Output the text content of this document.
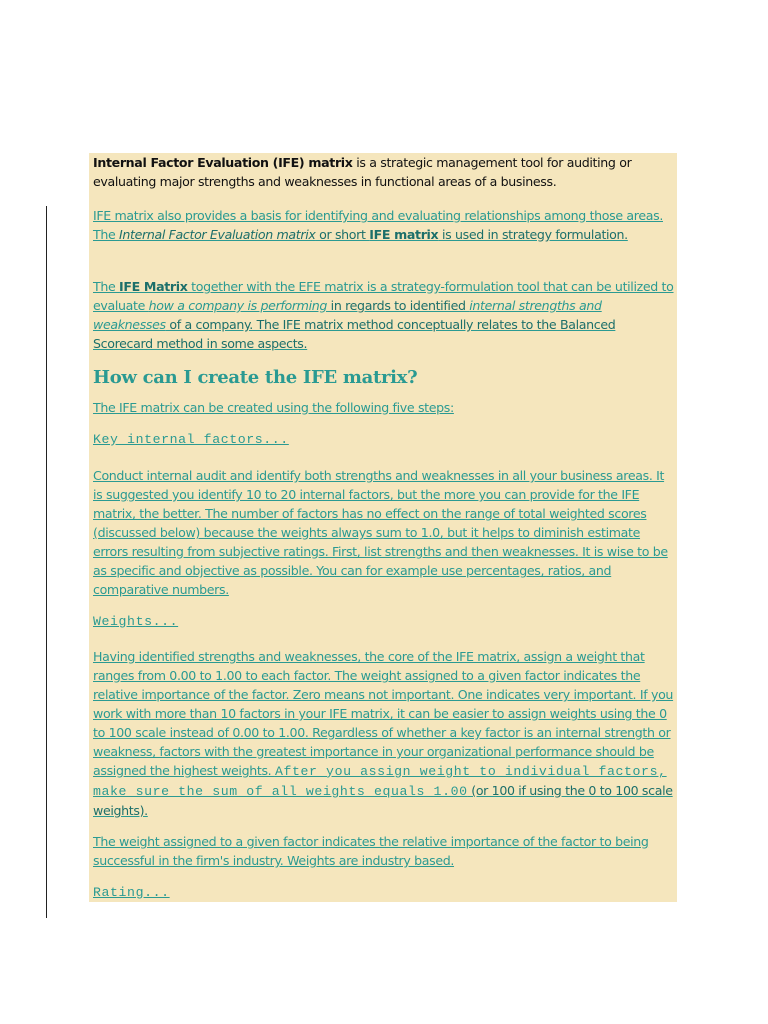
Internal Factor Evaluation (IFE) matrix is a strategic management tool for auditing or evaluating major strengths and weaknesses in functional areas of a business.

IFE matrix also provides a basis for identifying and evaluating relationships among those areas. The Internal Factor Evaluation matrix or short IFE matrix is used in strategy formulation.

The IFE Matrix together with the EFE matrix is a strategy-formulation tool that can be utilized to evaluate how a company is performing in regards to identified internal strengths and weaknesses of a company. The IFE matrix method conceptually relates to the Balanced Scorecard method in some aspects.

How can I create the IFE matrix?

The IFE matrix can be created using the following five steps:

Key internal factors...

Conduct internal audit and identify both strengths and weaknesses in all your business areas. It is suggested you identify 10 to 20 internal factors, but the more you can provide for the IFE matrix, the better. The number of factors has no effect on the range of total weighted scores (discussed below) because the weights always sum to 1.0, but it helps to diminish estimate errors resulting from subjective ratings. First, list strengths and then weaknesses. It is wise to be as specific and objective as possible. You can for example use percentages, ratios, and comparative numbers.

Weights...

Having identified strengths and weaknesses, the core of the IFE matrix, assign a weight that ranges from 0.00 to 1.00 to each factor. The weight assigned to a given factor indicates the relative importance of the factor. Zero means not important. One indicates very important. If you work with more than 10 factors in your IFE matrix, it can be easier to assign weights using the 0 to 100 scale instead of 0.00 to 1.00. Regardless of whether a key factor is an internal strength or weakness, factors with the greatest importance in your organizational performance should be assigned the highest weights. After you assign weight to individual factors, make sure the sum of all weights equals 1.00 (or 100 if using the 0 to 100 scale weights).

The weight assigned to a given factor indicates the relative importance of the factor to being successful in the firm's industry. Weights are industry based.

Rating...
